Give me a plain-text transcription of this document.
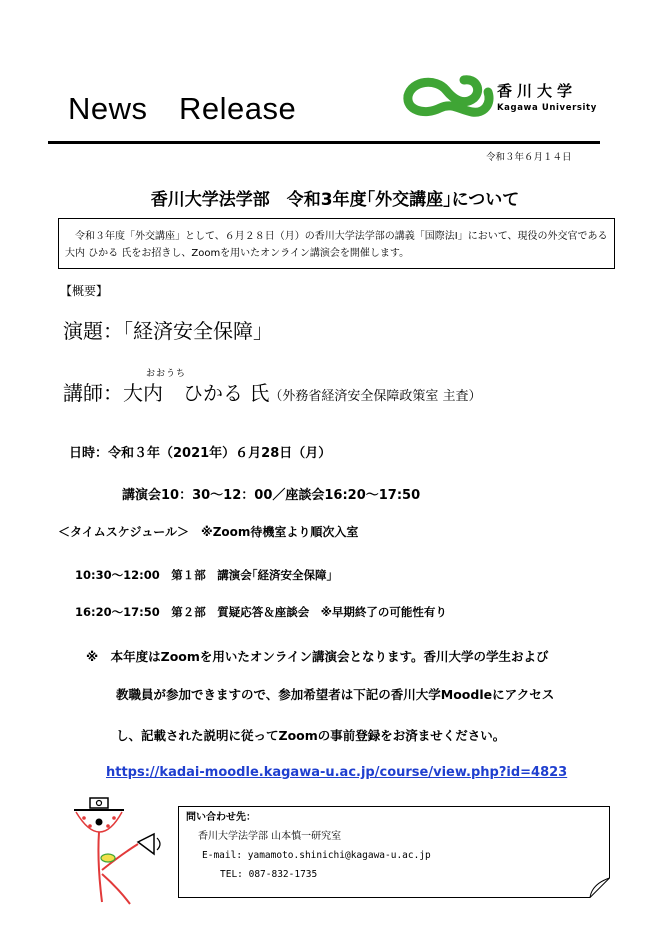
News　Release	香川大学
Kagawa University
令和３年６月１４日
香川大学法学部　令和3年度｢外交講座｣について

令和３年度「外交講座」として、６月２８日（月）の香川大学法学部の講義「国際法Ⅰ」において、現役の外交官である大内 ひかる 氏をお招きし、Zoomを用いたオンライン講演会を開催します。

【概要】
演題：｢経済安全保障｣
おおうち
講師：大内　ひかる 氏（外務省経済安全保障政策室 主査）
日時：令和３年（2021年）６月28日（月）
講演会10：30～12：00／座談会16:20～17:50
＜タイムスケジュール＞　※Zoom待機室より順次入室
10:30～12:00　第１部　講演会｢経済安全保障｣
16:20～17:50　第２部　質疑応答＆座談会　※早期終了の可能性有り
※　本年度はZoomを用いたオンライン講演会となります。香川大学の学生および
教職員が参加できますので、参加希望者は下記の香川大学Moodleにアクセス
し、記載された説明に従ってZoomの事前登録をお済ませください。
https://kadai-moodle.kagawa-u.ac.jp/course/view.php?id=4823
問い合わせ先：
香川大学法学部 山本慎一研究室
E-mail: yamamoto.shinichi@kagawa-u.ac.jp
TEL: 087-832-1735
